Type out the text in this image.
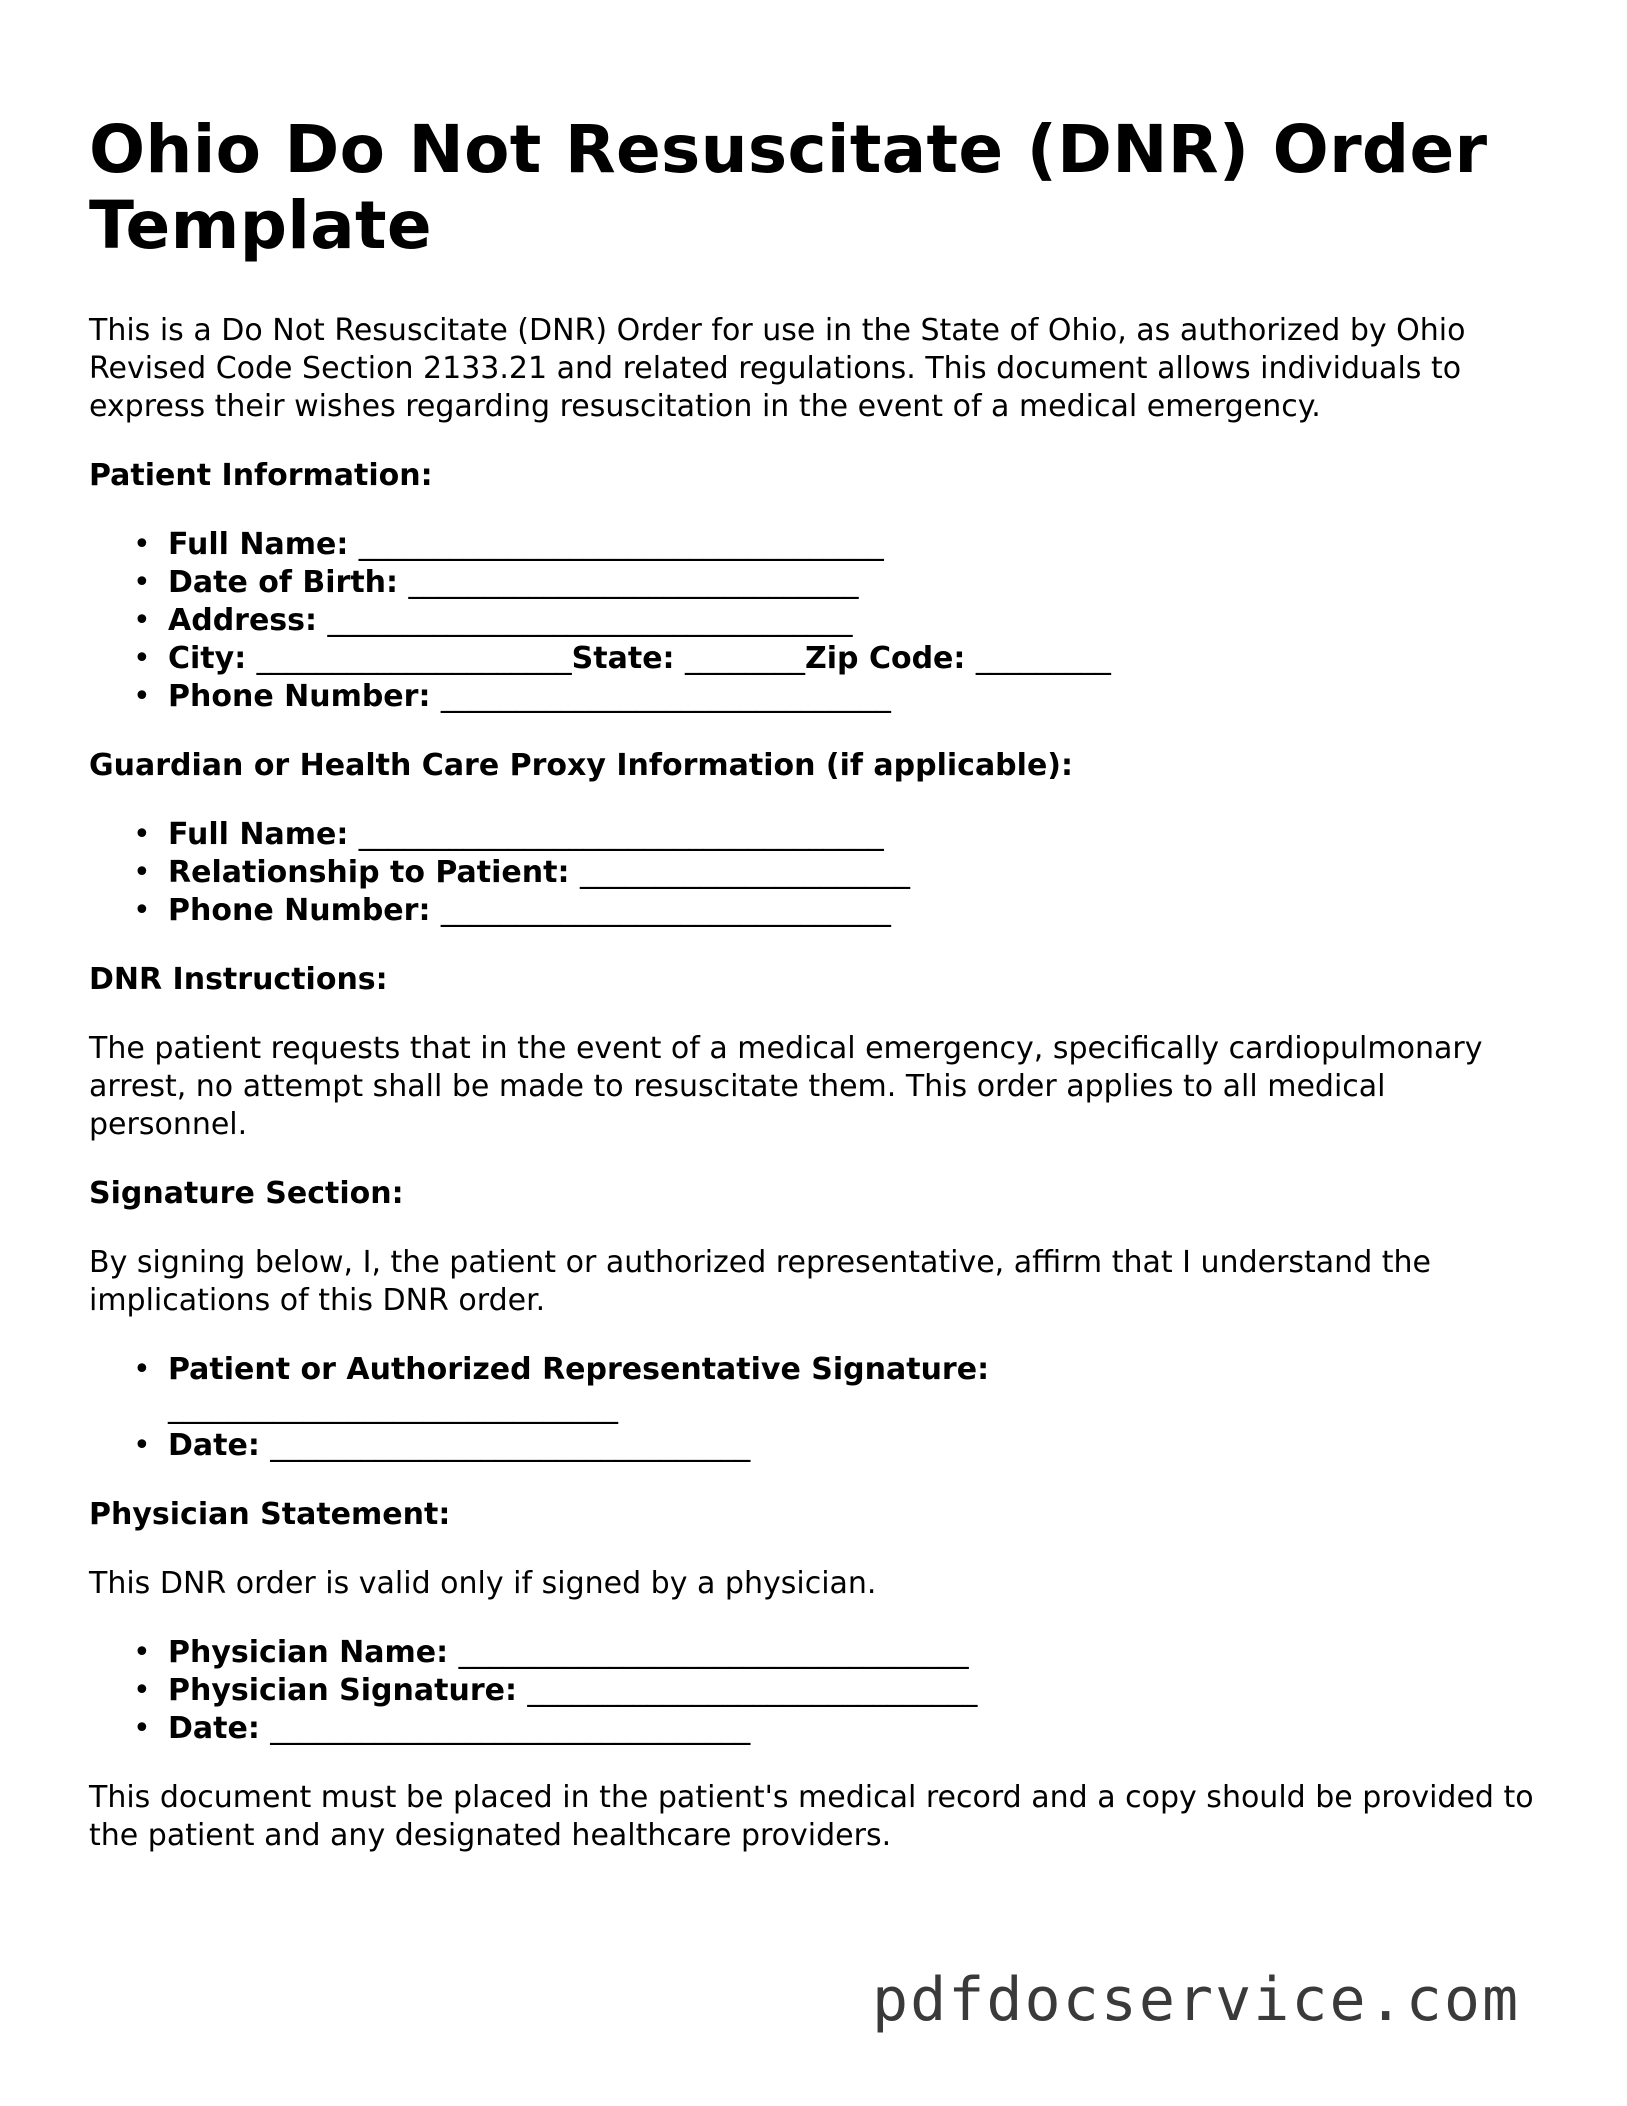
Ohio Do Not Resuscitate (DNR) Order Template

This is a Do Not Resuscitate (DNR) Order for use in the State of Ohio, as authorized by Ohio Revised Code Section 2133.21 and related regulations. This document allows individuals to express their wishes regarding resuscitation in the event of a medical emergency.

Patient Information:
• Full Name: ___________________________________
• Date of Birth: ______________________________
• Address: ___________________________________
• City: _____________________State: ________Zip Code: _________
• Phone Number: ______________________________
Guardian or Health Care Proxy Information (if applicable):
• Full Name: ___________________________________
• Relationship to Patient: ______________________
• Phone Number: ______________________________
DNR Instructions:

The patient requests that in the event of a medical emergency, specifically cardiopulmonary arrest, no attempt shall be made to resuscitate them. This order applies to all medical personnel.

Signature Section:

By signing below, I, the patient or authorized representative, affirm that I understand the implications of this DNR order.

• Patient or Authorized Representative Signature:
______________________________
• Date: ________________________________
Physician Statement:

This DNR order is valid only if signed by a physician.

• Physician Name: __________________________________
• Physician Signature: ______________________________
• Date: ________________________________

This document must be placed in the patient's medical record and a copy should be provided to the patient and any designated healthcare providers.

pdfdocservice.com
